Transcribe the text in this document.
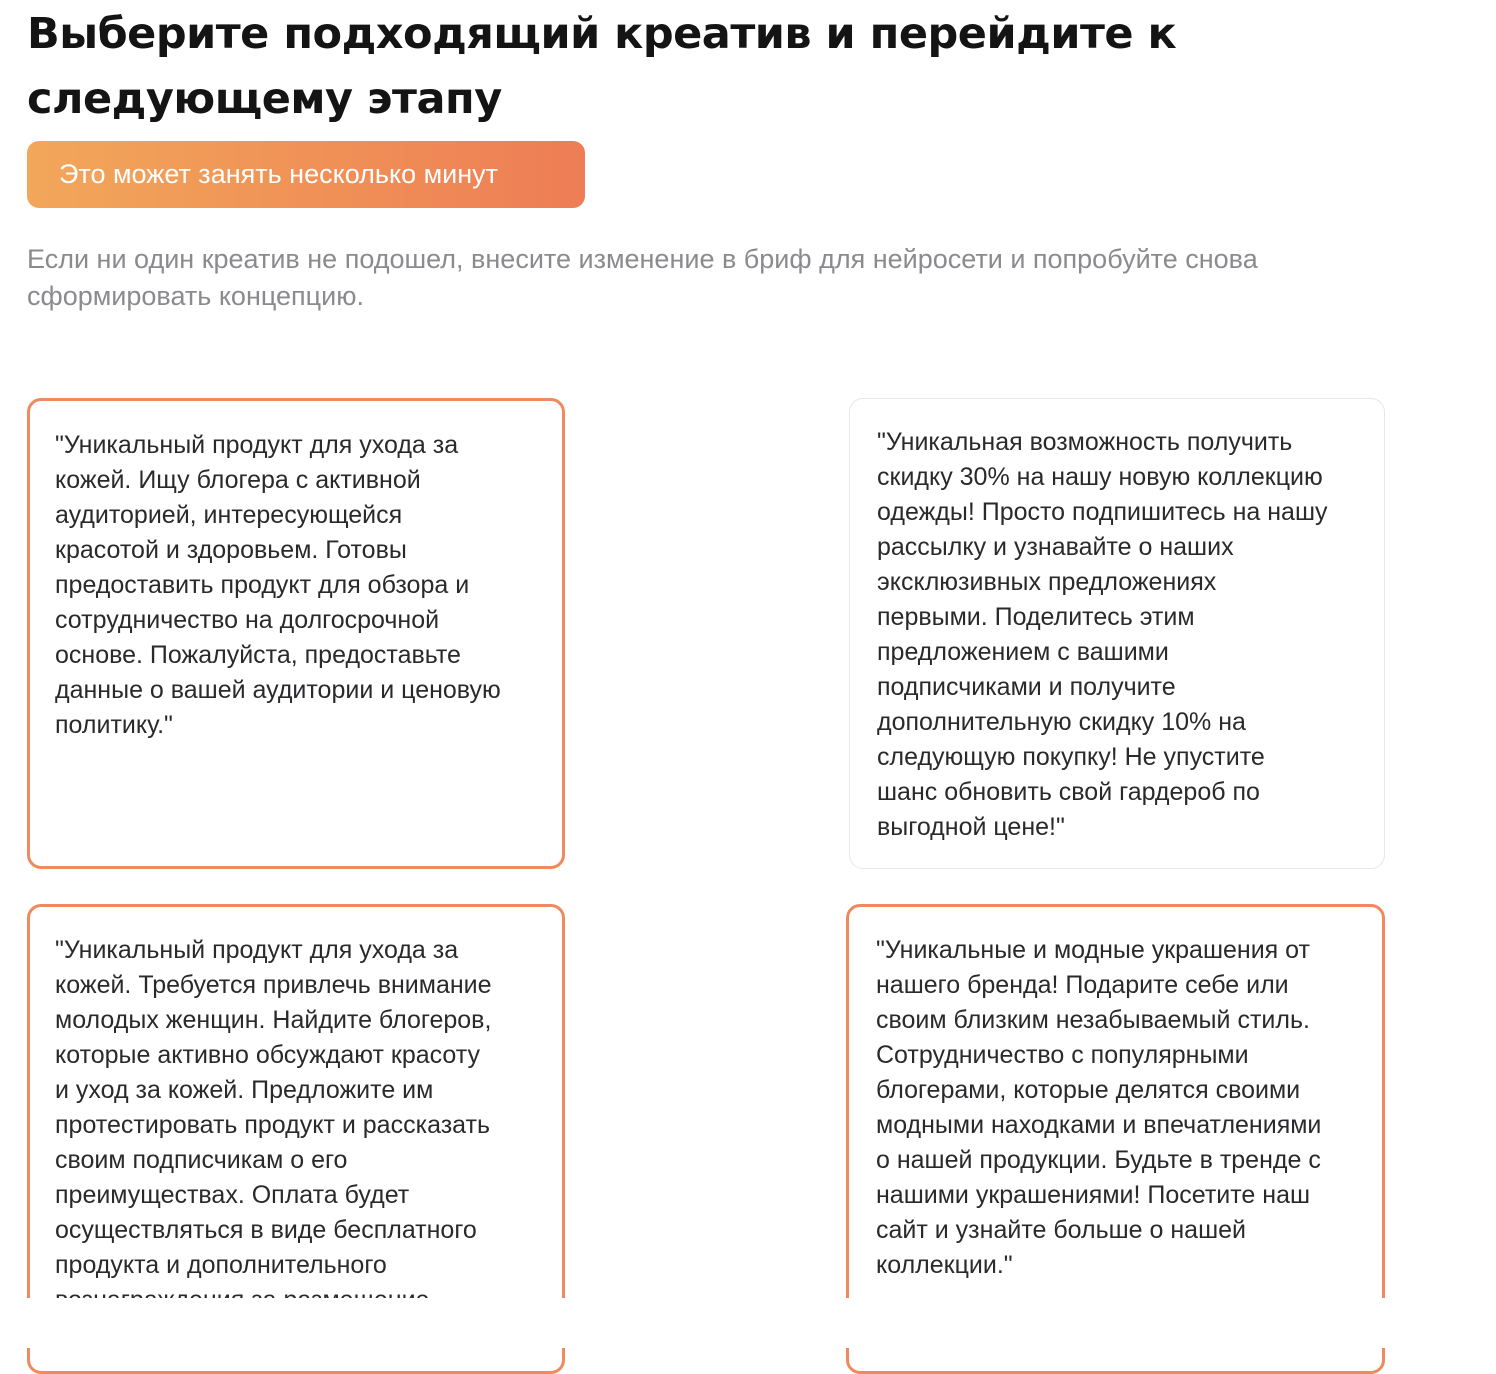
Выберите подходящий креатив и перейдите к следующему этапу
Это может занять несколько минут

Если ни один креатив не подошел, внесите изменение в бриф для нейросети и попробуйте снова сформировать концепцию.

"Уникальный продукт для ухода за
кожей. Ищу блогера с активной
аудиторией, интересующейся
красотой и здоровьем. Готовы
предоставить продукт для обзора и
сотрудничество на долгосрочной
основе. Пожалуйста, предоставьте
данные о вашей аудитории и ценовую
политику."

"Уникальная возможность получить
скидку 30% на нашу новую коллекцию
одежды! Просто подпишитесь на нашу
рассылку и узнавайте о наших
эксклюзивных предложениях
первыми. Поделитесь этим
предложением с вашими
подписчиками и получите
дополнительную скидку 10% на
следующую покупку! Не упустите
шанс обновить свой гардероб по
выгодной цене!"

"Уникальный продукт для ухода за
кожей. Требуется привлечь внимание
молодых женщин. Найдите блогеров,
которые активно обсуждают красоту
и уход за кожей. Предложите им
протестировать продукт и рассказать
своим подписчикам о его
преимуществах. Оплата будет
осуществляться в виде бесплатного
продукта и дополнительного

"Уникальные и модные украшения от
нашего бренда! Подарите себе или
своим близким незабываемый стиль.
Сотрудничество с популярными
блогерами, которые делятся своими
модными находками и впечатлениями
о нашей продукции. Будьте в тренде с
нашими украшениями! Посетите наш
сайт и узнайте больше о нашей
коллекции."
